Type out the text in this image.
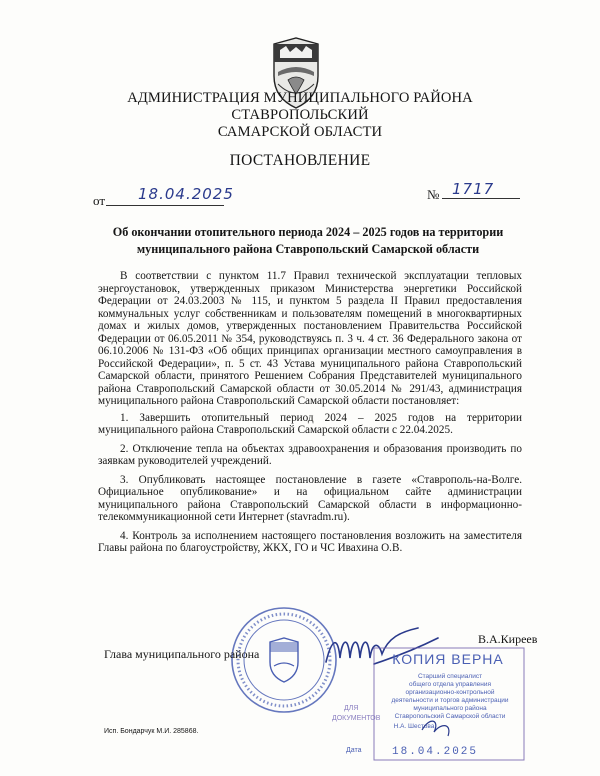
АДМИНИСТРАЦИЯ МУНИЦИПАЛЬНОГО РАЙОНА СТАВРОПОЛЬСКИЙ
САМАРСКОЙ ОБЛАСТИ
ПОСТАНОВЛЕНИЕ
от 18.04.2025	№ 1717
Об окончании отопительного периода 2024 – 2025 годов на территории
муниципального района Ставропольский Самарской области

В соответствии с пунктом 11.7 Правил технической эксплуатации тепловых энергоустановок, утвержденных приказом Министерства энергетики Российской Федерации от 24.03.2003 № 115, и пунктом 5 раздела II Правил предоставления коммунальных услуг собственникам и пользователям помещений в многоквартирных домах и жилых домов, утвержденных постановлением Правительства Российской Федерации от 06.05.2011 № 354, руководствуясь п. 3 ч. 4 ст. 36 Федерального закона от 06.10.2006 № 131-ФЗ «Об общих принципах организации местного самоуправления в Российской Федерации», п. 5 ст. 43 Устава муниципального района Ставропольский Самарской области, принятого Решением Собрания Представителей муниципального района Ставропольский Самарской области от 30.05.2014 № 291/43, администрация муниципального района Ставропольский Самарской области постановляет:

1. Завершить отопительный период 2024 – 2025 годов на территории муниципального района Ставропольский Самарской области с 22.04.2025.

2. Отключение тепла на объектах здравоохранения и образования производить по заявкам руководителей учреждений.

3. Опубликовать настоящее постановление в газете «Ставрополь-на-Волге. Официальное опубликование» и на официальном сайте администрации муниципального района Ставропольский Самарской области в информационно-телекоммуникационной сети Интернет (stavradm.ru).

4. Контроль за исполнением настоящего постановления возложить на заместителя Главы района по благоустройству, ЖКХ, ГО и ЧС Ивахина О.В.

Глава муниципального района
В.А.Киреев
КОПИЯ ВЕРНА
Старший специалист
общего отдела управления
организационно-контрольной
деятельности и торгов администрации
муниципального района
Ставропольский Самарской области
Н.А. Шестова
ДЛЯ
ДОКУМЕНТОВ
Дата	18.04.2025
Исп. Бондарчук М.И. 285868.
